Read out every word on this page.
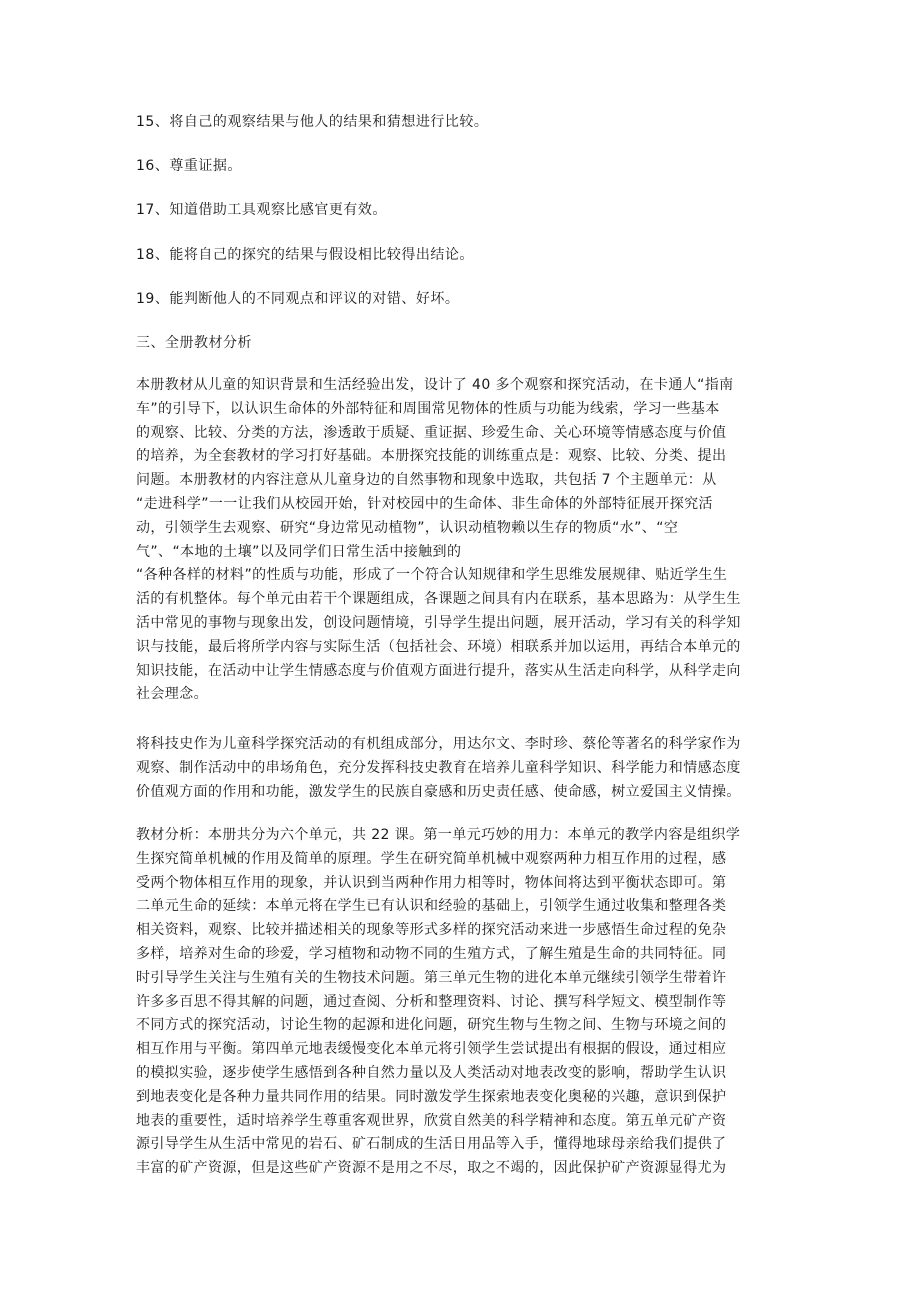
15、将自己的观察结果与他人的结果和猜想进行比较。
16、尊重证据。
17、知道借助工具观察比感官更有效。
18、能将自己的探究的结果与假设相比较得出结论。
19、能判断他人的不同观点和评议的对错、好坏。
三、全册教材分析
本册教材从儿童的知识背景和生活经验出发，设计了 40 多个观察和探究活动，在卡通人“指南
车”的引导下，以认识生命体的外部特征和周围常见物体的性质与功能为线索，学习一些基本
的观察、比较、分类的方法，渗透敢于质疑、重证据、珍爱生命、关心环境等情感态度与价值
的培养，为全套教材的学习打好基础。本册探究技能的训练重点是：观察、比较、分类、提出
问题。本册教材的内容注意从儿童身边的自然事物和现象中选取，共包括 7 个主题单元：从
“走进科学”一一让我们从校园开始，针对校园中的生命体、非生命体的外部特征展开探究活
动，引领学生去观察、研究“身边常见动植物”，认识动植物赖以生存的物质“水”、“空
气”、“本地的土壤”以及同学们日常生活中接触到的
“各种各样的材料”的性质与功能，形成了一个符合认知规律和学生思维发展规律、贴近学生生
活的有机整体。每个单元由若干个课题组成，各课题之间具有内在联系，基本思路为：从学生生
活中常见的事物与现象出发，创设问题情境，引导学生提出问题，展开活动，学习有关的科学知
识与技能，最后将所学内容与实际生活（包括社会、环境）相联系并加以运用，再结合本单元的
知识技能，在活动中让学生情感态度与价值观方面进行提升，落实从生活走向科学，从科学走向
社会理念。
将科技史作为儿童科学探究活动的有机组成部分，用达尔文、李时珍、蔡伦等著名的科学家作为
观察、制作活动中的串场角色，充分发挥科技史教育在培养儿童科学知识、科学能力和情感态度
价值观方面的作用和功能，激发学生的民族自豪感和历史责任感、使命感，树立爱国主义情操。
教材分析：本册共分为六个单元，共 22 课。第一单元巧妙的用力：本单元的教学内容是组织学
生探究简单机械的作用及简单的原理。学生在研究简单机械中观察两种力相互作用的过程，感
受两个物体相互作用的现象，并认识到当两种作用力相等时，物体间将达到平衡状态即可。第
二单元生命的延续：本单元将在学生已有认识和经验的基础上，引领学生通过收集和整理各类
相关资料，观察、比较并描述相关的现象等形式多样的探究活动来进一步感悟生命过程的免杂
多样，培养对生命的珍爱，学习植物和动物不同的生殖方式，了解生殖是生命的共同特征。同
时引导学生关注与生殖有关的生物技术问题。第三单元生物的进化本单元继续引领学生带着许
许多多百思不得其解的问题，通过查阅、分析和整理资料、讨论、撰写科学短文、模型制作等
不同方式的探究活动，讨论生物的起源和进化问题，研究生物与生物之间、生物与环境之间的
相互作用与平衡。第四单元地表缓慢变化本单元将引领学生尝试提出有根据的假设，通过相应
的模拟实验，逐步使学生感悟到各种自然力量以及人类活动对地表改变的影响，帮助学生认识
到地表变化是各种力量共同作用的结果。同时激发学生探索地表变化奥秘的兴趣，意识到保护
地表的重要性，适时培养学生尊重客观世界，欣赏自然美的科学精神和态度。第五单元矿产资
源引导学生从生活中常见的岩石、矿石制成的生活日用品等入手，懂得地球母亲给我们提供了
丰富的矿产资源，但是这些矿产资源不是用之不尽，取之不竭的，因此保护矿产资源显得尤为
